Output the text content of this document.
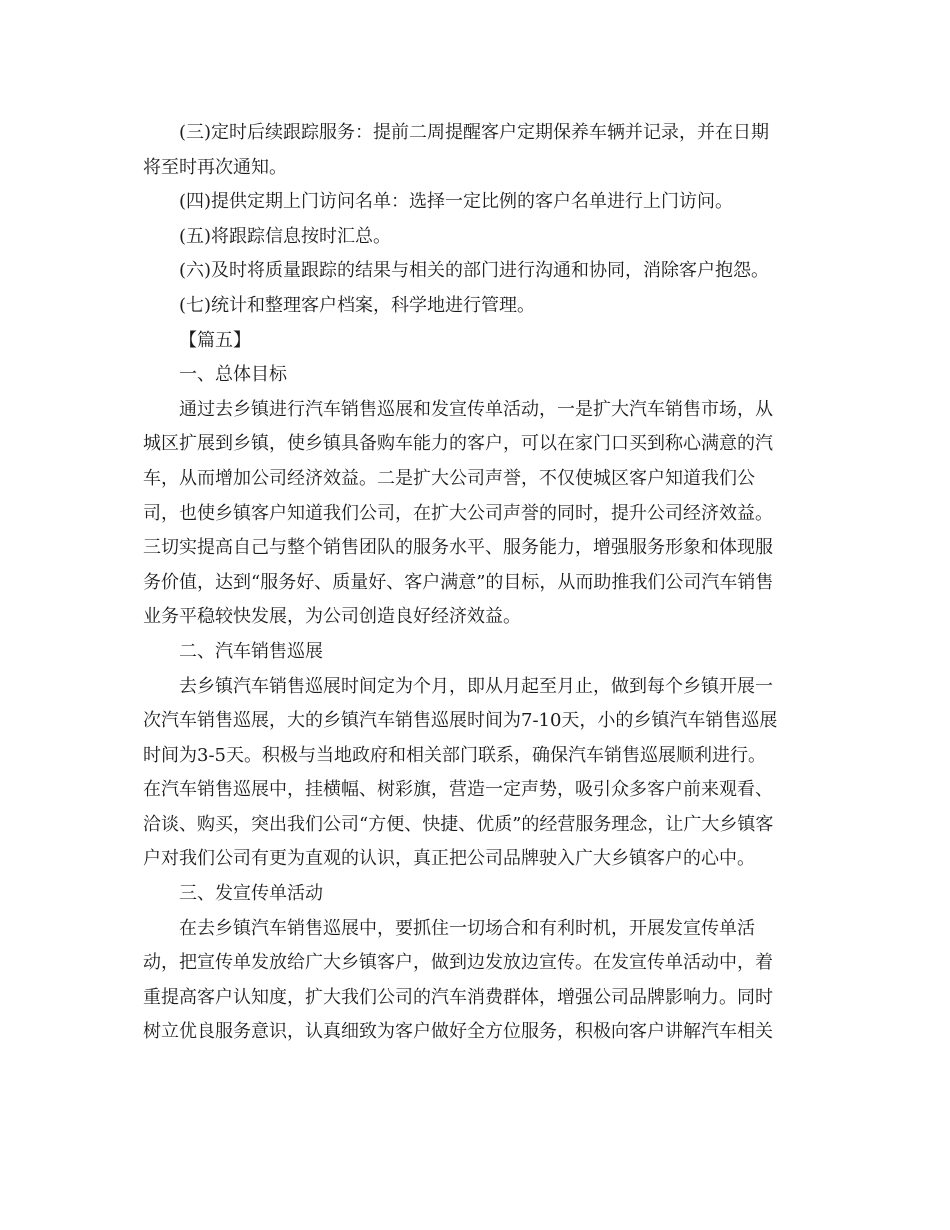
(三)定时后续跟踪服务：提前二周提醒客户定期保养车辆并记录，并在日期
将至时再次通知。
(四)提供定期上门访问名单：选择一定比例的客户名单进行上门访问。
(五)将跟踪信息按时汇总。
(六)及时将质量跟踪的结果与相关的部门进行沟通和协同，消除客户抱怨。
(七)统计和整理客户档案，科学地进行管理。
【篇五】
一、总体目标
通过去乡镇进行汽车销售巡展和发宣传单活动，一是扩大汽车销售市场，从
城区扩展到乡镇，使乡镇具备购车能力的客户，可以在家门口买到称心满意的汽
车，从而增加公司经济效益。二是扩大公司声誉，不仅使城区客户知道我们公
司，也使乡镇客户知道我们公司，在扩大公司声誉的同时，提升公司经济效益。
三切实提高自己与整个销售团队的服务水平、服务能力，增强服务形象和体现服
务价值，达到“服务好、质量好、客户满意”的目标，从而助推我们公司汽车销售
业务平稳较快发展，为公司创造良好经济效益。
二、汽车销售巡展
去乡镇汽车销售巡展时间定为个月，即从月起至月止，做到每个乡镇开展一
次汽车销售巡展，大的乡镇汽车销售巡展时间为7-10天，小的乡镇汽车销售巡展
时间为3-5天。积极与当地政府和相关部门联系，确保汽车销售巡展顺利进行。
在汽车销售巡展中，挂横幅、树彩旗，营造一定声势，吸引众多客户前来观看、
洽谈、购买，突出我们公司“方便、快捷、优质”的经营服务理念，让广大乡镇客
户对我们公司有更为直观的认识，真正把公司品牌驶入广大乡镇客户的心中。
三、发宣传单活动
在去乡镇汽车销售巡展中，要抓住一切场合和有利时机，开展发宣传单活
动，把宣传单发放给广大乡镇客户，做到边发放边宣传。在发宣传单活动中，着
重提高客户认知度，扩大我们公司的汽车消费群体，增强公司品牌影响力。同时
树立优良服务意识，认真细致为客户做好全方位服务，积极向客户讲解汽车相关
